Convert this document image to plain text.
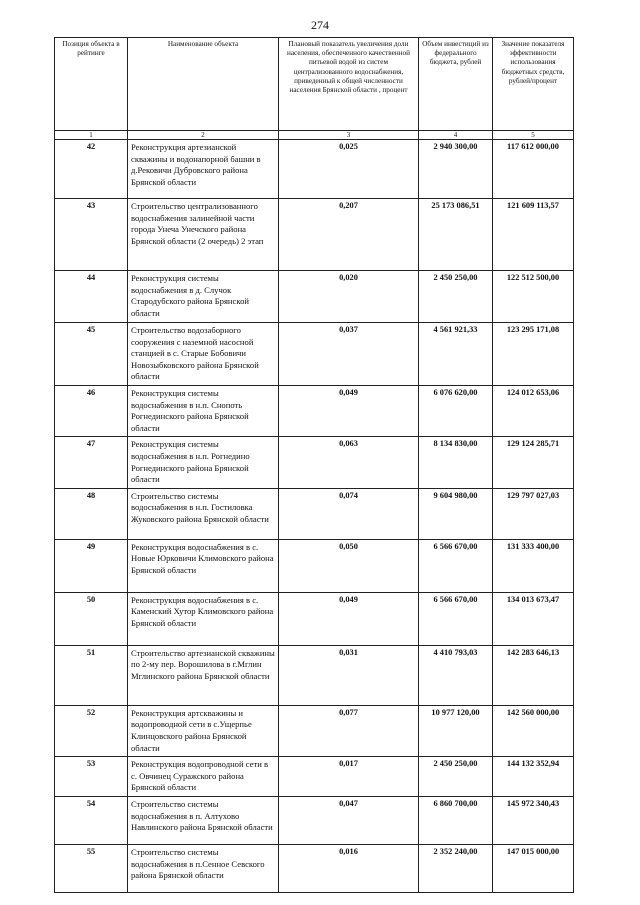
274
Позиция объекта в рейтинге	Наименование объекта	Плановый показатель увеличения доли населения, обеспеченного качественной питьевой водой из систем централизованного водоснабжения, приведенный к общей численности населения Брянской области , процент	Объем инвестиций из федерального бюджета, рублей	Значение показателя эффективности использования бюджетных средств, рублей/процент
1	2	3	4	5
42	Реконструкция артезианской скважины и водонапорной башни в д.Рековичи Дубровского района Брянской области	0,025	2 940 300,00	117 612 000,00
43	Строительство централизованного водоснабжения залинейной части города Унеча Унечского района Брянской области (2 очередь) 2 этап	0,207	25 173 086,51	121 609 113,57
44	Реконструкция системы водоснабжения в д. Случок Стародубского района Брянской области	0,020	2 450 250,00	122 512 500,00
45	Строительство водозаборного сооружения с наземной насосной станцией в с. Старые Бобовичи Новозыбковского района Брянской области	0,037	4 561 921,33	123 295 171,08
46	Реконструкция системы водоснабжения в н.п. Снопоть Рогнединского района Брянской области	0,049	6 076 620,00	124 012 653,06
47	Реконструкция системы водоснабжения в н.п. Рогнедино Рогнединского района Брянской области	0,063	8 134 830,00	129 124 285,71
48	Строительство системы водоснабжения в н.п. Гостиловка Жуковского района Брянской области	0,074	9 604 980,00	129 797 027,03
49	Реконструкция водоснабжения в с. Новые Юрковичи Климовского района Брянской области	0,050	6 566 670,00	131 333 400,00
50	Реконструкция водоснабжения в с. Каменский Хутор Климовского района Брянской области	0,049	6 566 670,00	134 013 673,47
51	Строительство артезианской скважины по 2-му пер. Ворошилова в г.Мглин Мглинского района Брянской области	0,031	4 410 793,03	142 283 646,13
52	Реконструкция артскважины и водопроводной сети в с.Ущерпье Клинцовского района Брянской области	0,077	10 977 120,00	142 560 000,00
53	Реконструкция водопроводной сети в с. Овчинец Суражского района Брянской области	0,017	2 450 250,00	144 132 352,94
54	Строительство системы водоснабжения в п. Алтухово Навлинского района Брянской области	0,047	6 860 700,00	145 972 340,43
55	Строительство системы водоснабжения в п.Сенное Севского района Брянской области	0,016	2 352 240,00	147 015 000,00
